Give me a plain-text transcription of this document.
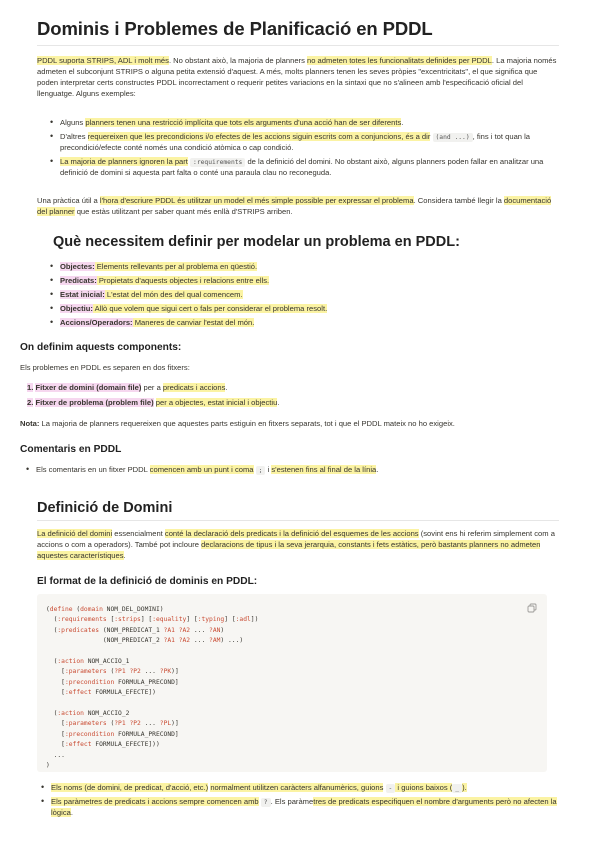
Dominis i Problemes de Planificació en PDDL

PDDL suporta STRIPS, ADL i molt més. No obstant això, la majoria de planners no admeten totes les funcionalitats definides per PDDL. La majoria només admeten el subconjunt STRIPS o alguna petita extensió d'aquest. A més, molts planners tenen les seves pròpies "excentricitats", el que significa que poden interpretar certs constructes PDDL incorrectament o requerir petites variacions en la sintaxi que no s'alineen amb l'especificació oficial del llenguatge. Alguns exemples:

• Alguns planners tenen una restricció implícita que tots els arguments d'una acció han de ser diferents.
• D'altres requereixen que les precondicions i/o efectes de les accions siguin escrits com a conjuncions, és a dir (and ...) , fins i tot quan la precondició/efecte conté només una condició atòmica o cap condició.
• La majoria de planners ignoren la part :requirements de la definició del domini. No obstant això, alguns planners poden fallar en analitzar una definició de domini si aquesta part falta o conté una paraula clau no reconeguda.

Una pràctica útil a l'hora d'escriure PDDL és utilitzar un model el més simple possible per expressar el problema. Considera també llegir la documentació del planner que estàs utilitzant per saber quant més enllà d'STRIPS arriben.

Què necessitem definir per modelar un problema en PDDL:
• Objectes: Elements rellevants per al problema en qüestió.
• Predicats: Propietats d'aquests objectes i relacions entre ells.
• Estat inicial: L'estat del món des del qual comencem.
• Objectiu: Allò que volem que sigui cert o fals per considerar el problema resolt.
• Accions/Operadors: Maneres de canviar l'estat del món.
On definim aquests components:

Els problemes en PDDL es separen en dos fitxers:

1. Fitxer de domini (domain file) per a predicats i accions.
2. Fitxer de problema (problem file) per a objectes, estat inicial i objectiu.

Nota: La majoria de planners requereixen que aquestes parts estiguin en fitxers separats, tot i que el PDDL mateix no ho exigeix.

Comentaris en PDDL
• Els comentaris en un fitxer PDDL comencen amb un punt i coma ; i s'estenen fins al final de la línia.
Definició de Domini

La definició del domini essencialment conté la declaració dels predicats i la definició del esquemes de les accions (sovint ens hi referim simplement com a accions o com a operadors). També pot incloure declaracions de tipus i la seva jerarquia, constants i fets estàtics, però bastants planners no admeten aquestes característiques.

El format de la definició de dominis en PDDL:
(define (domain NOM_DEL_DOMINI)
(:requirements [:strips] [:equality] [:typing] [:adl])
(:predicates (NOM_PREDICAT_1 ?A1 ?A2 ... ?AN)
(NOM_PREDICAT_2 ?A1 ?A2 ... ?AM) ...)

(:action NOM_ACCIO_1
[:parameters (?P1 ?P2 ... ?PK)]
[:precondition FORMULA_PRECOND]
[:effect FORMULA_EFECTE])

(:action NOM_ACCIO_2
[:parameters (?P1 ?P2 ... ?PL)]
[:precondition FORMULA_PRECOND]
[:effect FORMULA_EFECTE]))
...
)
• Els noms (de domini, de predicat, d'acció, etc.) normalment utilitzen caràcters alfanumèrics, guions - i guions baixos ( _ ).
• Els paràmetres de predicats i accions sempre comencen amb ? . Els paràmetres de predicats especifiquen el nombre d'arguments però no afecten la lògica.
